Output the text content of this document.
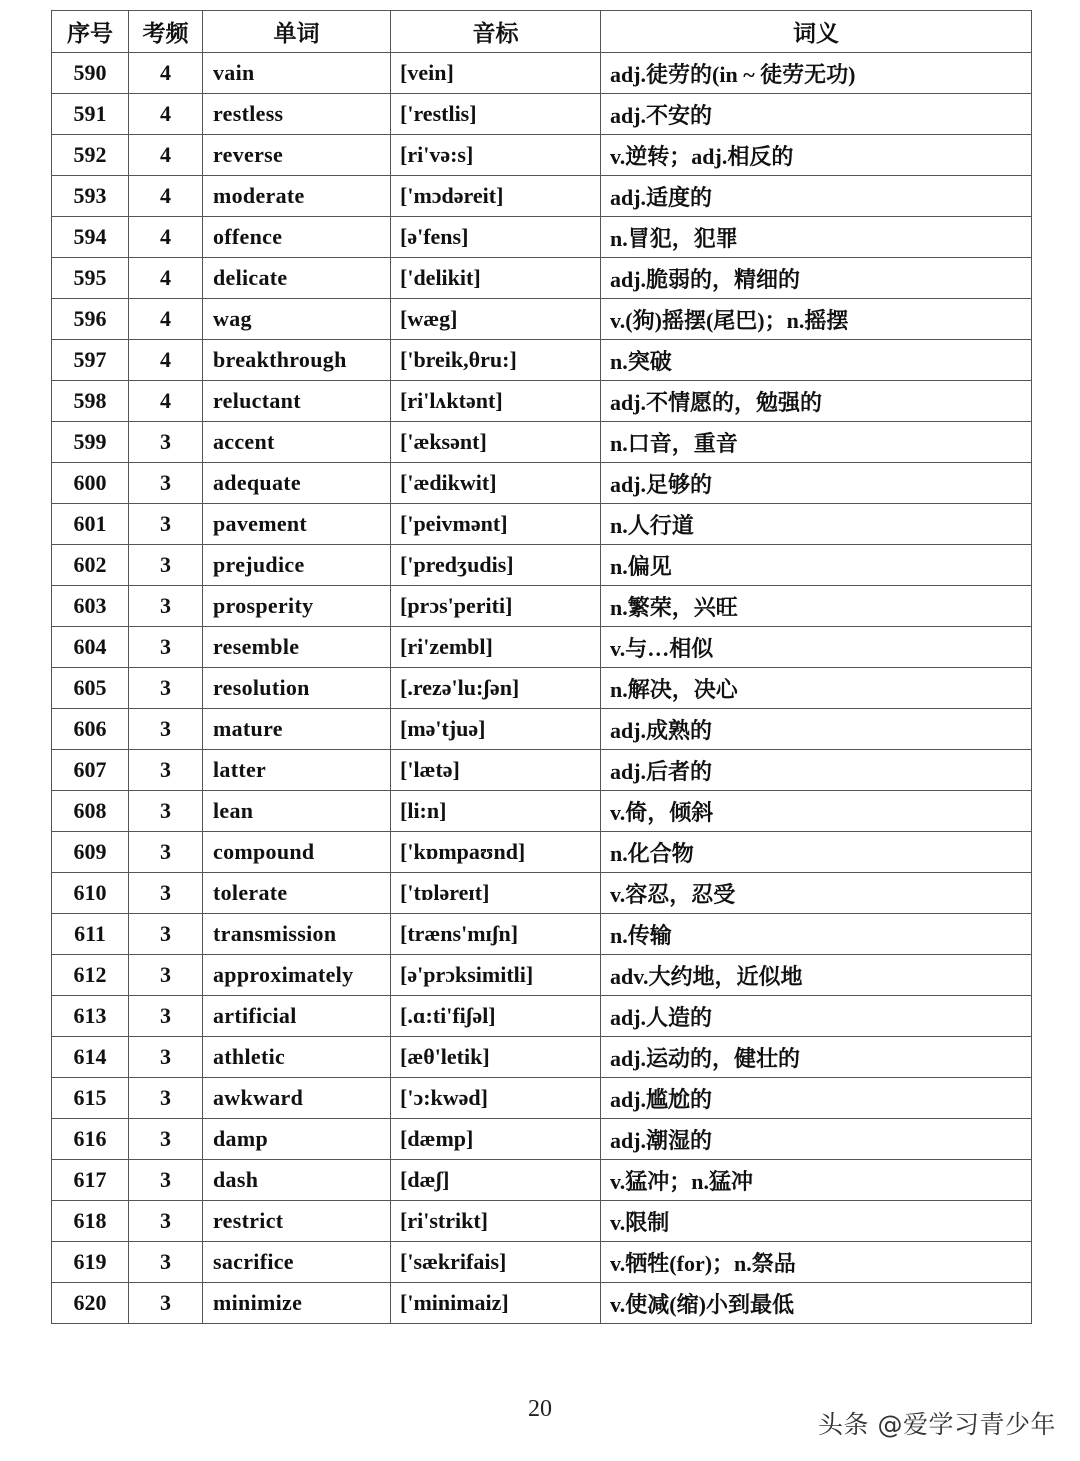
序号	考频	单词	音标	词义
590	4	vain	[vein]	adj.徒劳的(in ~ 徒劳无功)
591	4	restless	['restlis]	adj.不安的
592	4	reverse	[ri'və:s]	v.逆转；adj.相反的
593	4	moderate	['mɔdəreit]	adj.适度的
594	4	offence	[ə'fens]	n.冒犯，犯罪
595	4	delicate	['delikit]	adj.脆弱的，精细的
596	4	wag	[wæg]	v.(狗)摇摆(尾巴)；n.摇摆
597	4	breakthrough	['breik,θru:]	n.突破
598	4	reluctant	[ri'lʌktənt]	adj.不情愿的，勉强的
599	3	accent	['æksənt]	n.口音，重音
600	3	adequate	['ædikwit]	adj.足够的
601	3	pavement	['peivmənt]	n.人行道
602	3	prejudice	['predʒudis]	n.偏见
603	3	prosperity	[prɔs'periti]	n.繁荣，兴旺
604	3	resemble	[ri'zembl]	v.与…相似
605	3	resolution	[.rezə'lu:ʃən]	n.解决，决心
606	3	mature	[mə'tjuə]	adj.成熟的
607	3	latter	['lætə]	adj.后者的
608	3	lean	[li:n]	v.倚，倾斜
609	3	compound	['kɒmpaʊnd]	n.化合物
610	3	tolerate	['tɒləreɪt]	v.容忍，忍受
611	3	transmission	[træns'mɪʃn]	n.传输
612	3	approximately	[ə'prɔksimitli]	adv.大约地，近似地
613	3	artificial	[.ɑ:ti'fiʃəl]	adj.人造的
614	3	athletic	[æθ'letik]	adj.运动的，健壮的
615	3	awkward	['ɔ:kwəd]	adj.尴尬的
616	3	damp	[dæmp]	adj.潮湿的
617	3	dash	[dæʃ]	v.猛冲；n.猛冲
618	3	restrict	[ri'strikt]	v.限制
619	3	sacrifice	['sækrifais]	v.牺牲(for)；n.祭品
620	3	minimize	['minimaiz]	v.使减(缩)小到最低
20
头条 @爱学习青少年
